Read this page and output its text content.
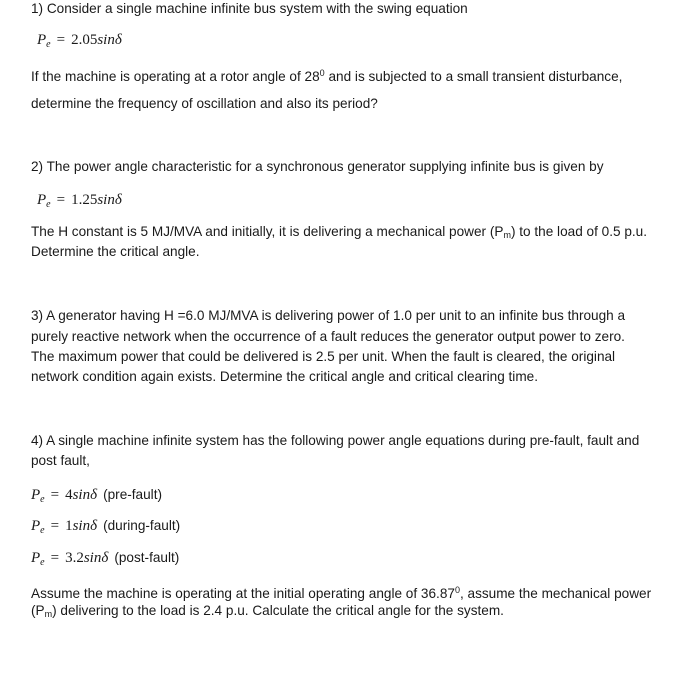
1) Consider a single machine infinite bus system with the swing equation
$P_e = 2.05\sin\delta$
If the machine is operating at a rotor angle of $28^0$ and is subjected to a small transient disturbance,
determine the frequency of oscillation and also its period?
2) The power angle characteristic for a synchronous generator supplying infinite bus is given by
$P_e = 1.25\sin\delta$
The H constant is 5 MJ/MVA and initially, it is delivering a mechanical power $(P_m)$ to the load of 0.5 p.u.
Determine the critical angle.
3) A generator having H =6.0 MJ/MVA is delivering power of 1.0 per unit to an infinite bus through a
purely reactive network when the occurrence of a fault reduces the generator output power to zero.
The maximum power that could be delivered is 2.5 per unit. When the fault is cleared, the original
network condition again exists. Determine the critical angle and critical clearing time.
4) A single machine infinite system has the following power angle equations during pre-fault, fault and
post fault,
$P_e = 4\sin\delta$ (pre-fault)
$P_e = 1\sin\delta$ (during-fault)
$P_e = 3.2\sin\delta$ (post-fault)
Assume the machine is operating at the initial operating angle of 36.87$^0$, assume the mechanical power
$(P_m)$ delivering to the load is 2.4 p.u. Calculate the critical angle for the system.
